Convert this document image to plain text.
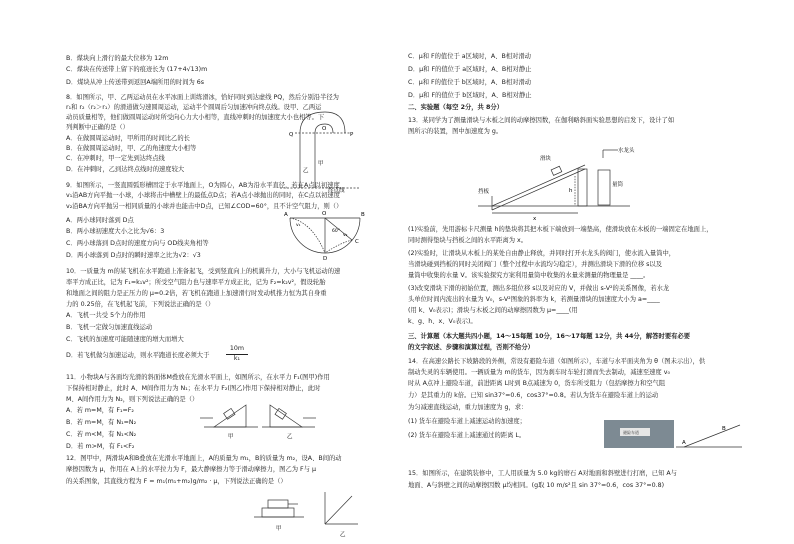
B．煤块向上滑行的最大位移为 12m
C．煤块在传送带上留下的痕迹长为 (17+4√13)m
D．煤块从冲上传送带到返回A端所用的时间为 6s
8．如图所示，甲、乙两运动员在水平冰面上训练滑冰，恰好同时到达虚线 PQ，然后分别沿半径为
r₁和 r₂（r₂＞r₁）的滑道做匀速圆周运动，运动半个圆周后匀加速冲向终点线。设甲、乙两运
动员质量相等，他们做圆周运动时所受向心力大小相等，直线冲刺时的加速度大小也相等。下
列判断中正确的是（）
A．在做圆周运动时，甲所用的时间比乙的长
B．在做圆周运动时，甲、乙的角速度大小相等
C．在冲刺时，甲一定先到达终点线
D．在冲刺时，乙到达终点线时的速度较大
9．如图所示，一竖直圆弧形槽固定于水平地面上，O为圆心，AB为沿水平直径，若在A点以初速度
v₁沿AB方向平抛一小球，小球将击中槽壁上的最低点D点；若A点小球抛出的同时，在C点以初速度
v₂沿BA方向平抛另一相同质量的小球并也能击中D点，已知∠COD=60°，且不计空气阻力，则（）
A．两小球同时落到 D点
B．两小球初速度大小之比为√6：3
C．两小球落到 D点时的速度方向与 OD线夹角相等
D．两小球落到 D点时的瞬时速率之比为√2：√3
10．一质量为 m的某飞机在水平跑道上准备起飞，受到竖直向上的机翼升力，大小与飞机运动的速
率平方成正比，记为 F₁=k₁v²；所受空气阻力也与速率平方成正比，记为 F₂=k₂v²，假设轮胎
和地面之间的阻力是正压力的 μ=0.2倍，若飞机在跑道上加速滑行时发动机推力恒为其自身重
力的 0.25倍，在飞机起飞前，下列说法正确的是（）
A．飞机一共受 5个力的作用
B．飞机一定做匀加速直线运动
C．飞机的加速度可能随速度的增大而增大
D．若飞机做匀加速运动，则水平跑道长度必须大于	$\frac{10m}{\text{k₁}}$
11．小物块A与各面均光滑的斜面体M叠放在光滑水平面上，如图所示，在水平力 F₁(图甲)作用
下保持相对静止，此时 A、M间作用力为 N₁；在水平力 F₂(图乙)作用下保持相对静止，此时
M、A间作用力为 N₂，则下列说法正确的是（）
A．若 m=M，有 F₁=F₂
B．若 m=M，有 N₁=N₂
C．若 m<M，有 N₁<N₂
D．若 m>M，有 F₁<F₂
12．图甲中，两滑块A和B叠放在光滑水平地面上，A的质量为 m₁，B的质量为 m₂，设A、B间的动
摩擦因数为 μ，作用在 A上的水平拉力为 F，最大静摩擦力等于滑动摩擦力，图乙为 F与 μ
的关系图象，其直线方程为 F = m₁(m₁+m₂)g/m₂ · μ，下列说法正确的是（）
Q	P
O
甲
乙
终点线
A	B
C
D
O
60°
v₁
v₂
甲	乙
甲
乙
C．μ和 F的值位于 a区域时，A、B相对滑动
D．μ和 F的值位于 a区域时，A、B相对静止
C．μ和 F的值位于 b区域时，A、B相对滑动
D．μ和 F的值位于 b区域时，A、B相对静止
二、实验题（每空 2分，共 8分）
13．某同学为了测量滑块与木板之间的动摩擦因数，在伽利略斜面实验思想的启发下，设计了如
图所示的装置，图中加速度为 g。
(1)实验前，先用游标卡尺测量 h的垫块将其把木板下端放到一端垫高，使滑块放在木板的一端固定在地面上，
同时测得垫块与挡板之间的水平距离为 x。
(2)实验时，让滑块从木板上的某处自由静止释放，并同时打开水龙头的阀门，使水流入量筒中，
当滑块碰到挡板的同时关闭阀门（整个过程中水流均匀稳定），并测出滑块下滑的位移 s以及
量筒中收集的水量 V。该实验探究方案利用量筒中收集的水量来测量的物理量是 ____。
(3)改变滑块下滑的初始位置，测出多组位移 s以及对应的 V，并做出 s-V²的关系图像，若水龙
头单位时间内流出的水量为 V₀，s-V²图象的斜率为 k，若测量滑块的加速度大小为 a=____
(用 k、V₀表示)；滑块与木板之间的动摩擦因数为 μ=____(用
k、g、h、x、V₀表示)。
三、计算题（本大题共四小题，14～15每题 10分，16～17每题 12分，共 44分，解答时要有必要
的文字叙述、步骤和演算过程，否则不给分）
14．在高速公路长下坡路段的外侧，常设有避险车道（如图所示），车道与水平面夹角为 θ（图未示出），供
制动失灵的车辆使用。一辆质量为 m的货车，因为刹车时车轮打滑而失去制动，减速至速度 v₀
时从 A点冲上避险车道，前进距离 L时到 B点减速为 0，货车所受阻力（包括摩擦力和空气阻
力）是其重力的 k倍。已知 sin37°=0.6，cos37°=0.8。若认为货车在避险车道上的运动
为匀减速直线运动，重力加速度为 g，求：
(1) 货车在避险车道上减速运动的加速度；
(2) 货车在避险车道上减速通过的距离 L。
15．如图所示，在建筑装修中，工人用质量为 5.0 kg的磨石 A对地面和斜壁进行打磨，已知 A与
地面、A与斜壁之间的动摩擦因数 μ均相同。(g取 10 m/s²且 sin 37°=0.6，cos 37°=0.8)
水龙头
滑块
挡板
量筒
h
x
避险车道
A
B
